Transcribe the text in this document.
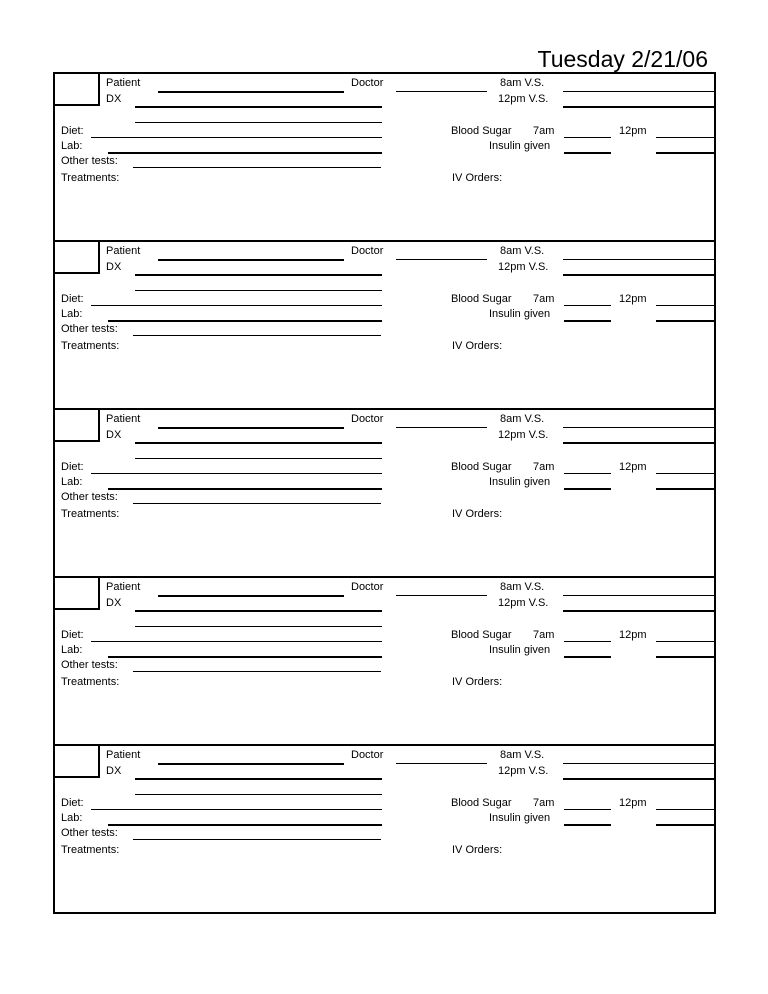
Tuesday 2/21/06
Patient	Doctor	8am V.S.
DX	12pm V.S.
Diet:	Blood Sugar 7am	12pm
Lab:	Insulin given
Other tests:
Treatments:	IV Orders:
Patient	Doctor	8am V.S.
DX	12pm V.S.
Diet:	Blood Sugar 7am	12pm
Lab:	Insulin given
Other tests:
Treatments:	IV Orders:
Patient	Doctor	8am V.S.
DX	12pm V.S.
Diet:	Blood Sugar 7am	12pm
Lab:	Insulin given
Other tests:
Treatments:	IV Orders:
Patient	Doctor	8am V.S.
DX	12pm V.S.
Diet:	Blood Sugar 7am	12pm
Lab:	Insulin given
Other tests:
Treatments:	IV Orders:
Patient	Doctor	8am V.S.
DX	12pm V.S.
Diet:	Blood Sugar 7am	12pm
Lab:	Insulin given
Other tests:
Treatments:	IV Orders:
